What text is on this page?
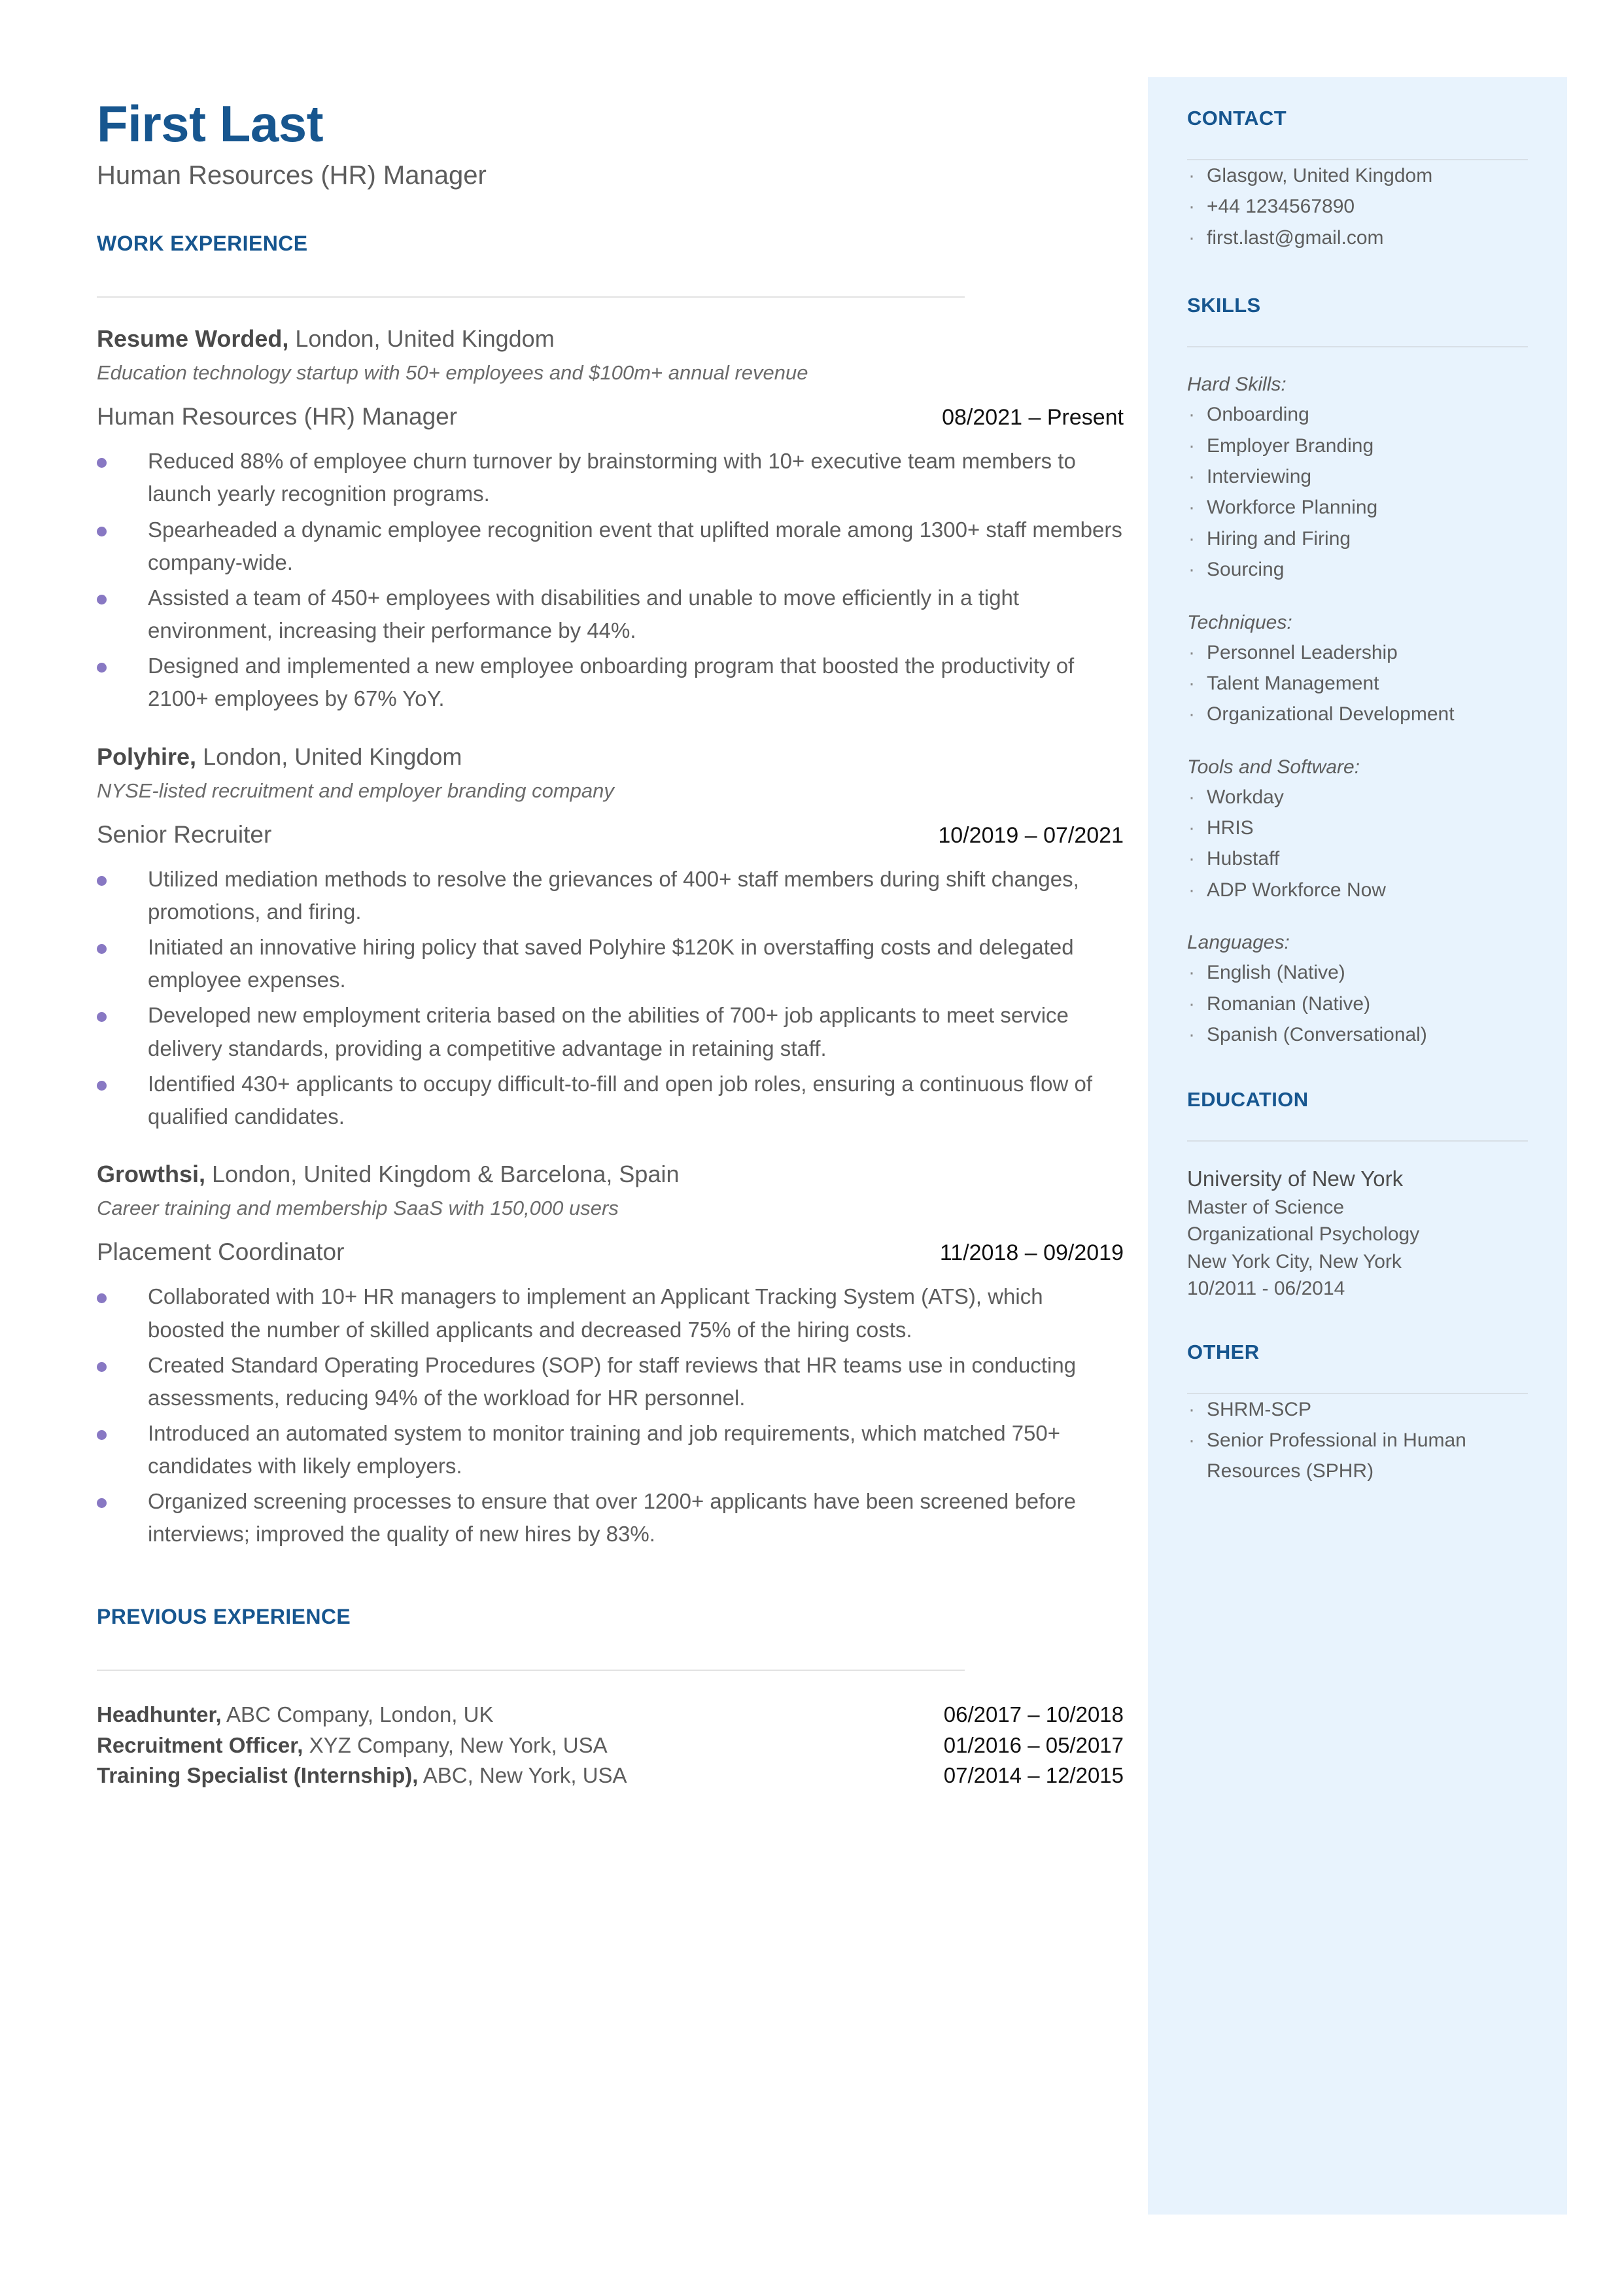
First Last
Human Resources (HR) Manager
WORK EXPERIENCE

Resume Worded, London, United Kingdom

Education technology startup with 50+ employees and $100m+ annual revenue

Human Resources (HR) Manager	08/2021 – Present
Reduced 88% of employee churn turnover by brainstorming with 10+ executive team members to launch yearly recognition programs.
Spearheaded a dynamic employee recognition event that uplifted morale among 1300+ staff members company-wide.
Assisted a team of 450+ employees with disabilities and unable to move efficiently in a tight environment, increasing their performance by 44%.
Designed and implemented a new employee onboarding program that boosted the productivity of 2100+ employees by 67% YoY.

Polyhire, London, United Kingdom

NYSE-listed recruitment and employer branding company

Senior Recruiter	10/2019 – 07/2021
Utilized mediation methods to resolve the grievances of 400+ staff members during shift changes, promotions, and firing.
Initiated an innovative hiring policy that saved Polyhire $120K in overstaffing costs and delegated employee expenses.
Developed new employment criteria based on the abilities of 700+ job applicants to meet service delivery standards, providing a competitive advantage in retaining staff.
Identified 430+ applicants to occupy difficult-to-fill and open job roles, ensuring a continuous flow of qualified candidates.

Growthsi, London, United Kingdom & Barcelona, Spain

Career training and membership SaaS with 150,000 users

Placement Coordinator	11/2018 – 09/2019
Collaborated with 10+ HR managers to implement an Applicant Tracking System (ATS), which boosted the number of skilled applicants and decreased 75% of the hiring costs.
Created Standard Operating Procedures (SOP) for staff reviews that HR teams use in conducting assessments, reducing 94% of the workload for HR personnel.
Introduced an automated system to monitor training and job requirements, which matched 750+ candidates with likely employers.
Organized screening processes to ensure that over 1200+ applicants have been screened before interviews; improved the quality of new hires by 83%.
PREVIOUS EXPERIENCE
Headhunter, ABC Company, London, UK	06/2017 – 10/2018
Recruitment Officer, XYZ Company, New York, USA	01/2016 – 05/2017
Training Specialist (Internship), ABC, New York, USA	07/2014 – 12/2015
CONTACT
· Glasgow, United Kingdom
· +44 1234567890
· first.last@gmail.com
SKILLS

Hard Skills:

· Onboarding
· Employer Branding
· Interviewing
· Workforce Planning
· Hiring and Firing
· Sourcing

Techniques:

· Personnel Leadership
· Talent Management
· Organizational Development

Tools and Software:

· Workday
· HRIS
· Hubstaff
· ADP Workforce Now

Languages:

· English (Native)
· Romanian (Native)
· Spanish (Conversational)
EDUCATION

University of New York

Master of Science

Organizational Psychology

New York City, New York

10/2011 - 06/2014

OTHER
· SHRM-SCP
· Senior Professional in Human Resources (SPHR)
